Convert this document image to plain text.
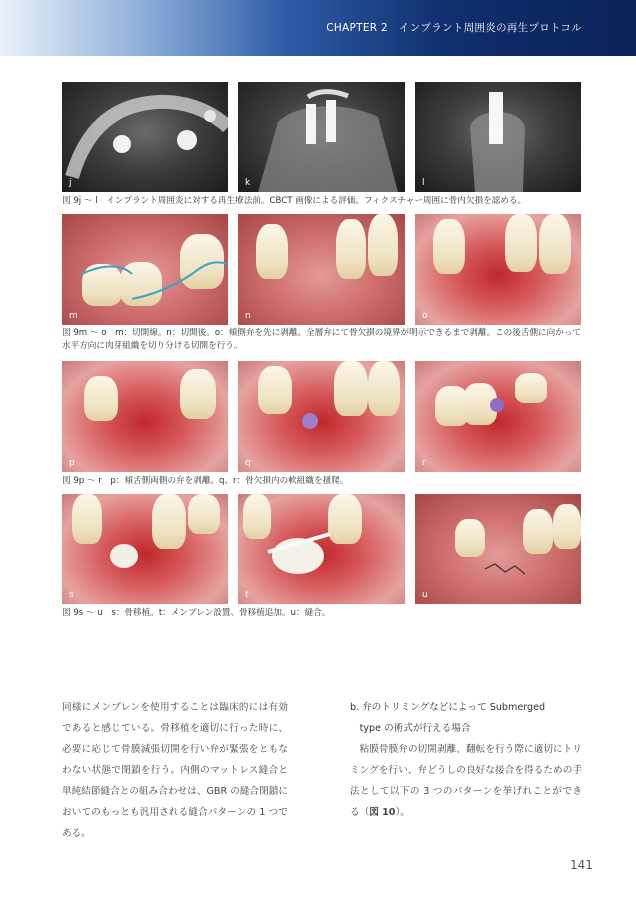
CHAPTER 2　インプラント周囲炎の再生プロトコル
j	k	l
図 9j 〜 l　インプラント周囲炎に対する再生療法前。CBCT 画像による評価。フィクスチャー周囲に骨内欠損を認める。
m	n	o
図 9m 〜 o　m：切開線。n：切開後。o：頬側弁を先に剥離。全層弁にて骨欠損の境界が明示できるまで剥離。この後舌側に向かって水平方向に肉芽組織を切り分ける切開を行う。
p	q	r
図 9p 〜 r　p：頬舌側両側の弁を剥離。q、r：骨欠損内の軟組織を掻爬。
s	t	u
図 9s 〜 u　s：骨移植。t：メンブレン設置、骨移植追加。u：縫合。

同様にメンブレンを使用することは臨床的には有効であると感じている。骨移植を適切に行った時に、必要に応じて骨膜減張切開を行い弁が緊張をともなわない状態で閉鎖を行う。内側のマットレス縫合と単純結節縫合との組み合わせは、GBR の縫合閉鎖においてのもっとも汎用される縫合パターンの 1 つである。

b. 弁のトリミングなどによって Submerged
type の術式が行える場合

粘膜骨膜弁の切開剥離、翻転を行う際に適切にトリミングを行い、弁どうしの良好な接合を得るための手法として以下の 3 つのパターンを挙げれことができる（図 10）。

141
